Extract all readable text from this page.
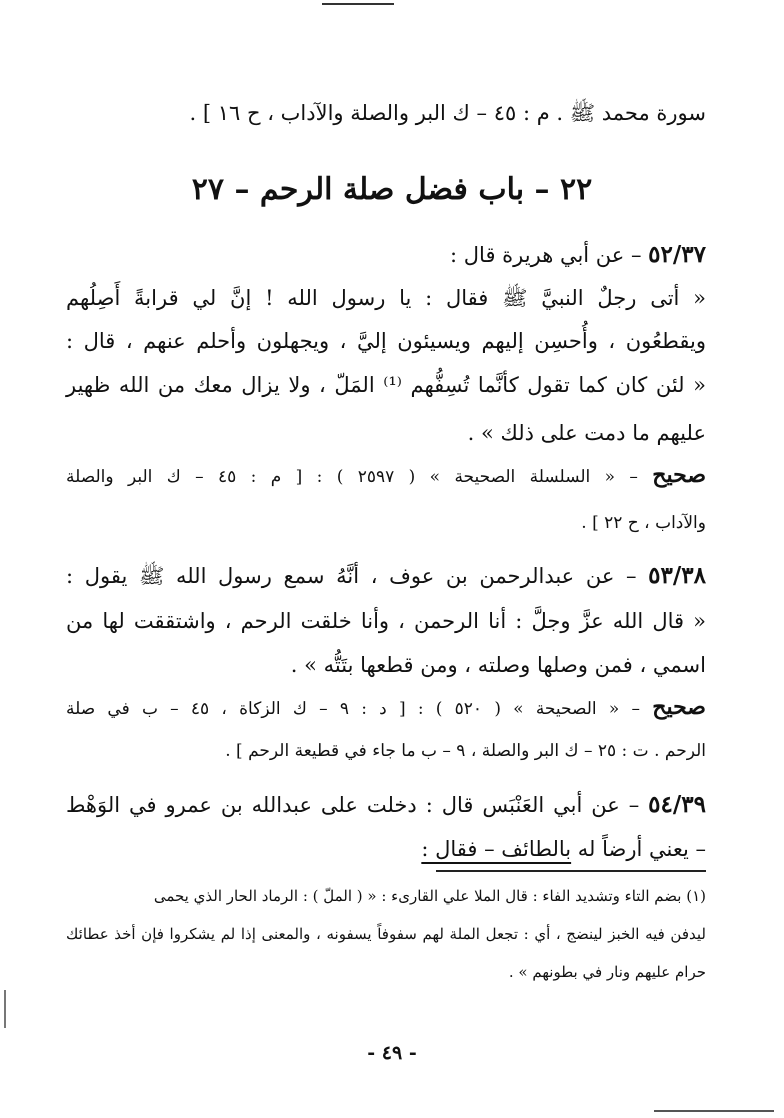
سورة محمد ﷺ . م : ٤٥ – ك البر والصلة والآداب ، ح ١٦ ] .
٢٢ – باب فضل صلة الرحم – ٢٧
٥٢/٣٧ – عن أبي هريرة قال :
« أتى رجلٌ النبيَّ ﷺ فقال : يا رسول الله ! إنَّ لي قرابةً أَصِلُهم
ويقطعُون ، وأُحسِن إليهم ويسيئون إليَّ ، ويجهلون وأحلم عنهم ، قال :
« لئن كان كما تقول كأنَّما تُسِفُّهم ⁽¹⁾ المَلّ ، ولا يزال معك من الله ظهير
عليهم ما دمت على ذلك » .
صحيح – « السلسلة الصحيحة » ( ٢٥٩٧ ) : [ م : ٤٥ – ك البر والصلة
والآداب ، ح ٢٢ ] .
٥٣/٣٨ – عن عبدالرحمن بن عوف ، أنَّهُ سمع رسول الله ﷺ يقول :
« قال الله عزَّ وجلَّ : أنا الرحمن ، وأنا خلقت الرحم ، واشتققت لها من
اسمي ، فمن وصلها وصلته ، ومن قطعها بتَتُّه » .
صحيح – « الصحيحة » ( ٥٢٠ ) : [ د : ٩ – ك الزكاة ، ٤٥ – ب في صلة
الرحم . ت : ٢٥ – ك البر والصلة ، ٩ – ب ما جاء في قطيعة الرحم ] .
٥٤/٣٩ – عن أبي العَنْبَس قال : دخلت على عبدالله بن عمرو في الوَهْط
– يعني أرضاً له بالطائف – فقال :
(١) بضم التاء وتشديد الفاء : قال الملا علي القارىء : « ( الملّ ) : الرماد الحار الذي يحمى
ليدفن فيه الخبز لينضج ، أي : تجعل الملة لهم سفوفاً يسفونه ، والمعنى إذا لم يشكروا فإن أخذ عطائك
حرام عليهم ونار في بطونهم » .
- ٤٩ -
